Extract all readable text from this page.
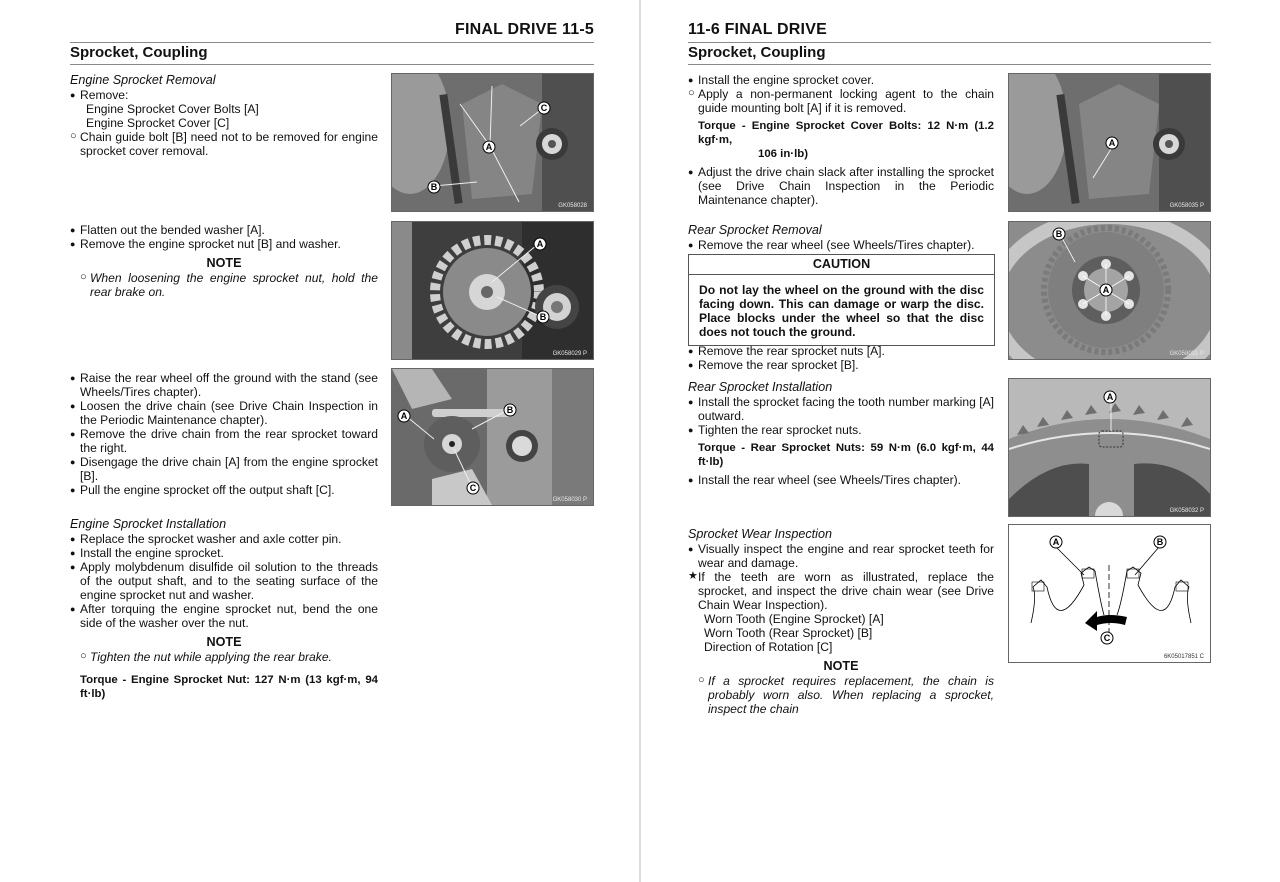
FINAL DRIVE 11-5
Sprocket, Coupling
Engine Sprocket Removal
● Remove:
Engine Sprocket Cover Bolts [A]
Engine Sprocket Cover [C]
○ Chain guide bolt [B] need not to be removed for engine sprocket cover removal.	A
C
B
GK058028
● Flatten out the bended washer [A].
● Remove the engine sprocket nut [B] and washer.
NOTE
○ When loosening the engine sprocket nut, hold the rear brake on.
A
B
GK058029 P
● Raise the rear wheel off the ground with the stand (see Wheels/Tires chapter).
● Loosen the drive chain (see Drive Chain Inspection in the Periodic Maintenance chapter).
● Remove the drive chain from the rear sprocket toward the right.
● Disengage the drive chain [A] from the engine sprocket [B].
● Pull the engine sprocket off the output shaft [C].
A
B
C
GK058030 P
Engine Sprocket Installation
● Replace the sprocket washer and axle cotter pin.
● Install the engine sprocket.
● Apply molybdenum disulfide oil solution to the threads of the output shaft, and to the seating surface of the engine sprocket nut and washer.
● After torquing the engine sprocket nut, bend the one side of the washer over the nut.
NOTE
○ Tighten the nut while applying the rear brake.
Torque - Engine Sprocket Nut: 127 N·m (13 kgf·m, 94 ft·lb)
11-6 FINAL DRIVE
Sprocket, Coupling
● Install the engine sprocket cover.
○ Apply a non-permanent locking agent to the chain guide mounting bolt [A] if it is removed.
Torque - Engine Sprocket Cover Bolts: 12 N·m (1.2 kgf·m,
106 in·lb)
● Adjust the drive chain slack after installing the sprocket (see Drive Chain Inspection in the Periodic Maintenance chapter).
A
GK058035 P
Rear Sprocket Removal
● Remove the rear wheel (see Wheels/Tires chapter).
CAUTION
Do not lay the wheel on the ground with the disc facing down. This can damage or warp the disc. Place blocks under the wheel so that the disc does not touch the ground.
● Remove the rear sprocket nuts [A].
● Remove the rear sprocket [B].
A
B
GK058031 P
Rear Sprocket Installation
● Install the sprocket facing the tooth number marking [A] outward.
● Tighten the rear sprocket nuts.
Torque - Rear Sprocket Nuts: 59 N·m (6.0 kgf·m, 44 ft·lb)
● Install the rear wheel (see Wheels/Tires chapter).
A
GK058032 P
Sprocket Wear Inspection
● Visually inspect the engine and rear sprocket teeth for wear and damage.
★ If the teeth are worn as illustrated, replace the sprocket, and inspect the drive chain wear (see Drive Chain Wear Inspection).
Worn Tooth (Engine Sprocket) [A]
Worn Tooth (Rear Sprocket) [B]
Direction of Rotation [C]
NOTE
○ If a sprocket requires replacement, the chain is probably worn also. When replacing a sprocket, inspect the chain
A	B
C
6K05017851 C
